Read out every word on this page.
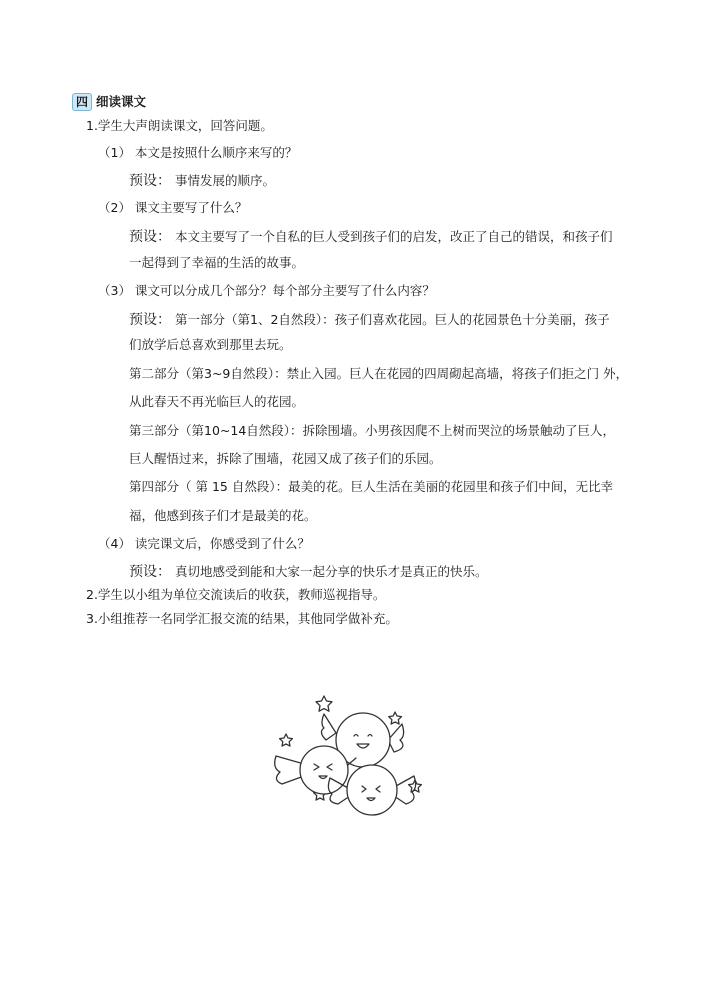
四 细读课文
1.学生大声朗读课文，回答问题。
（1） 本文是按照什么顺序来写的？
预设： 事情发展的顺序。
（2） 课文主要写了什么？
预设： 本文主要写了一个自私的巨人受到孩子们的启发，改正了自己的错误，和孩子们
一起得到了幸福的生活的故事。
（3） 课文可以分成几个部分？每个部分主要写了什么内容？
预设： 第一部分（第1、2自然段）：孩子们喜欢花园。巨人的花园景色十分美丽，孩子
们放学后总喜欢到那里去玩。
第二部分（第3~9自然段）：禁止入园。巨人在花园的四周砌起高墙，将孩子们拒之门 外，
从此春天不再光临巨人的花园。
第三部分（第10~14自然段）：拆除围墙。小男孩因爬不上树而哭泣的场景触动了巨人，
巨人醒悟过来，拆除了围墙，花园又成了孩子们的乐园。
第四部分（ 第 15 自然段）：最美的花。巨人生活在美丽的花园里和孩子们中间，无比幸
福，他感到孩子们才是最美的花。
（4） 读完课文后，你感受到了什么？
预设： 真切地感受到能和大家一起分享的快乐才是真正的快乐。
2.学生以小组为单位交流读后的收获，教师巡视指导。
3.小组推荐一名同学汇报交流的结果，其他同学做补充。
